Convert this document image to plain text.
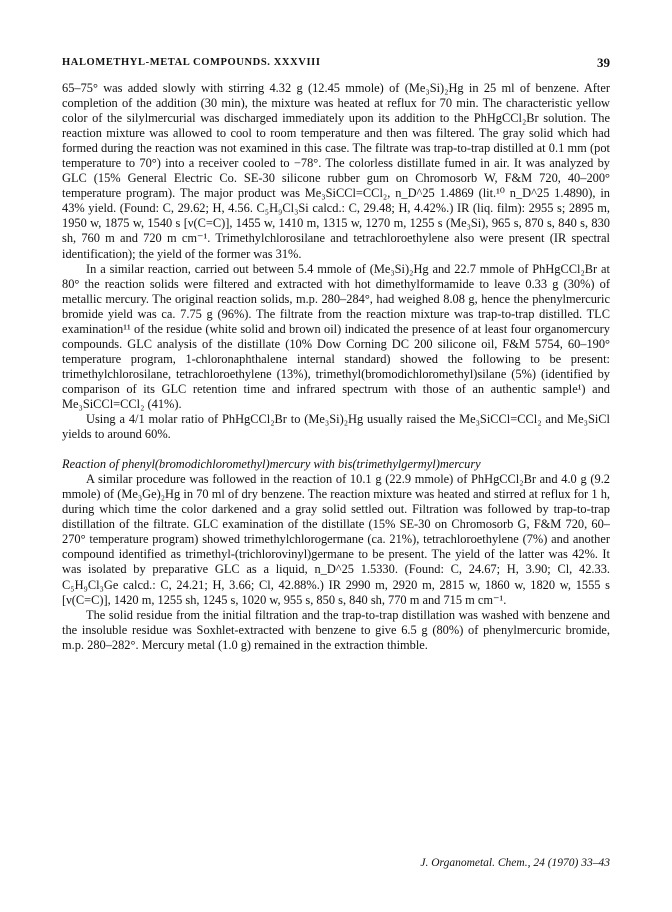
HALOMETHYL-METAL COMPOUNDS. XXXVIII	39

65–75° was added slowly with stirring 4.32 g (12.45 mmole) of (Me₃Si)₂Hg in 25 ml of benzene. After completion of the addition (30 min), the mixture was heated at reflux for 70 min. The characteristic yellow color of the silylmercurial was discharged immediately upon its addition to the PhHgCCl₂Br solution. The reaction mixture was allowed to cool to room temperature and then was filtered. The gray solid which had formed during the reaction was not examined in this case. The filtrate was trap-to-trap distilled at 0.1 mm (pot temperature to 70°) into a receiver cooled to −78°. The colorless distillate fumed in air. It was analyzed by GLC (15% General Electric Co. SE-30 silicone rubber gum on Chromosorb W, F&M 720, 40–200° temperature program). The major product was Me₃SiCCl=CCl₂, n_D^25 1.4869 (lit.¹⁰ n_D^25 1.4890), in 43% yield. (Found: C, 29.62; H, 4.56. C₅H₉Cl₃Si calcd.: C, 29.48; H, 4.42%.) IR (liq. film): 2955 s; 2895 m, 1950 w, 1875 w, 1540 s [ν(C=C)], 1455 w, 1410 m, 1315 w, 1270 m, 1255 s (Me₃Si), 965 s, 870 s, 840 s, 830 sh, 760 m and 720 m cm⁻¹. Trimethylchlorosilane and tetrachloroethylene also were present (IR spectral identification); the yield of the former was 31%.

In a similar reaction, carried out between 5.4 mmole of (Me₃Si)₂Hg and 22.7 mmole of PhHgCCl₂Br at 80° the reaction solids were filtered and extracted with hot dimethylformamide to leave 0.33 g (30%) of metallic mercury. The original reaction solids, m.p. 280–284°, had weighed 8.08 g, hence the phenylmercuric bromide yield was ca. 7.75 g (96%). The filtrate from the reaction mixture was trap-to-trap distilled. TLC examination¹¹ of the residue (white solid and brown oil) indicated the presence of at least four organomercury compounds. GLC analysis of the distillate (10% Dow Corning DC 200 silicone oil, F&M 5754, 60–190° temperature program, 1-chloronaphthalene internal standard) showed the following to be present: trimethylchlorosilane, tetrachloroethylene (13%), trimethyl(bromodichloromethyl)silane (5%) (identified by comparison of its GLC retention time and infrared spectrum with those of an authentic sample¹) and Me₃SiCCl=CCl₂ (41%).

Using a 4/1 molar ratio of PhHgCCl₂Br to (Me₃Si)₂Hg usually raised the Me₃SiCCl=CCl₂ and Me₃SiCl yields to around 60%.

Reaction of phenyl(bromodichloromethyl)mercury with bis(trimethylgermyl)mercury

A similar procedure was followed in the reaction of 10.1 g (22.9 mmole) of PhHgCCl₂Br and 4.0 g (9.2 mmole) of (Me₃Ge)₂Hg in 70 ml of dry benzene. The reaction mixture was heated and stirred at reflux for 1 h, during which time the color darkened and a gray solid settled out. Filtration was followed by trap-to-trap distillation of the filtrate. GLC examination of the distillate (15% SE-30 on Chromosorb G, F&M 720, 60–270° temperature program) showed trimethylchlorogermane (ca. 21%), tetrachloroethylene (7%) and another compound identified as trimethyl-(trichlorovinyl)germane to be present. The yield of the latter was 42%. It was isolated by preparative GLC as a liquid, n_D^25 1.5330. (Found: C, 24.67; H, 3.90; Cl, 42.33. C₅H₉Cl₃Ge calcd.: C, 24.21; H, 3.66; Cl, 42.88%.) IR 2990 m, 2920 m, 2815 w, 1860 w, 1820 w, 1555 s [ν(C=C)], 1420 m, 1255 sh, 1245 s, 1020 w, 955 s, 850 s, 840 sh, 770 m and 715 m cm⁻¹.

The solid residue from the initial filtration and the trap-to-trap distillation was washed with benzene and the insoluble residue was Soxhlet-extracted with benzene to give 6.5 g (80%) of phenylmercuric bromide, m.p. 280–282°. Mercury metal (1.0 g) remained in the extraction thimble.

J. Organometal. Chem., 24 (1970) 33–43
